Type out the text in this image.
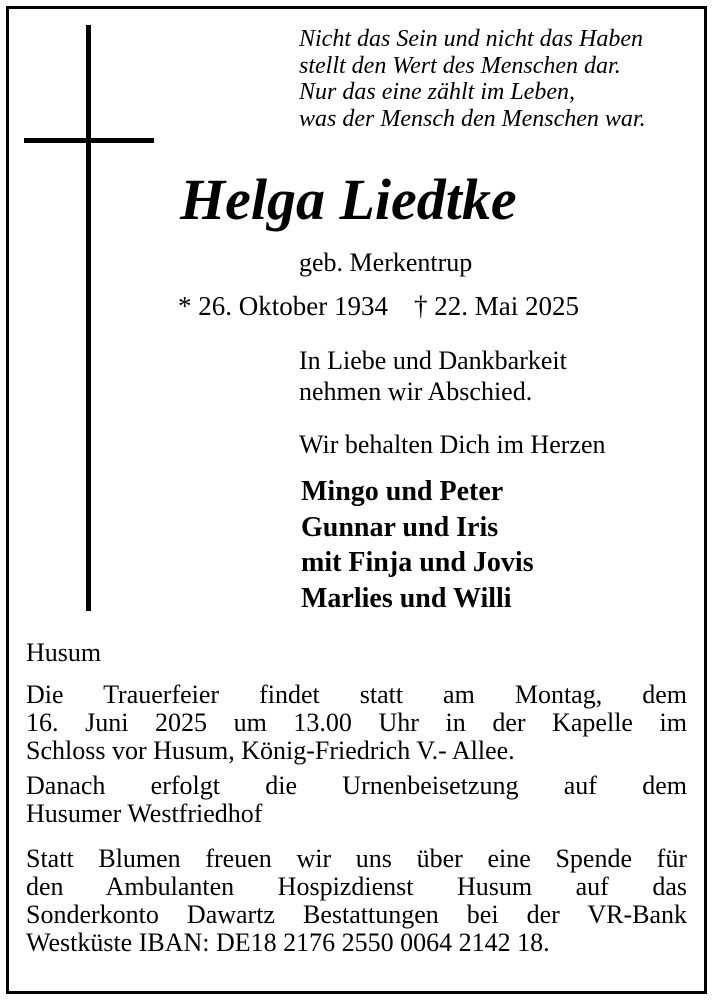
Nicht das Sein und nicht das Haben
stellt den Wert des Menschen dar.
Nur das eine zählt im Leben,
was der Mensch den Menschen war.
Helga Liedtke
geb. Merkentrup
* 26. Oktober 1934 † 22. Mai 2025
In Liebe und Dankbarkeit
nehmen wir Abschied.
Wir behalten Dich im Herzen
Mingo und Peter
Gunnar und Iris
mit Finja und Jovis
Marlies und Willi
Husum
Die Trauerfeier findet statt am Montag, dem
16. Juni 2025 um 13.00 Uhr in der Kapelle im
Schloss vor Husum, König-Friedrich V.- Allee.
Danach erfolgt die Urnenbeisetzung auf dem
Husumer Westfriedhof
Statt Blumen freuen wir uns über eine Spende für
den Ambulanten Hospizdienst Husum auf das
Sonderkonto Dawartz Bestattungen bei der VR-Bank
Westküste IBAN: DE18 2176 2550 0064 2142 18.
